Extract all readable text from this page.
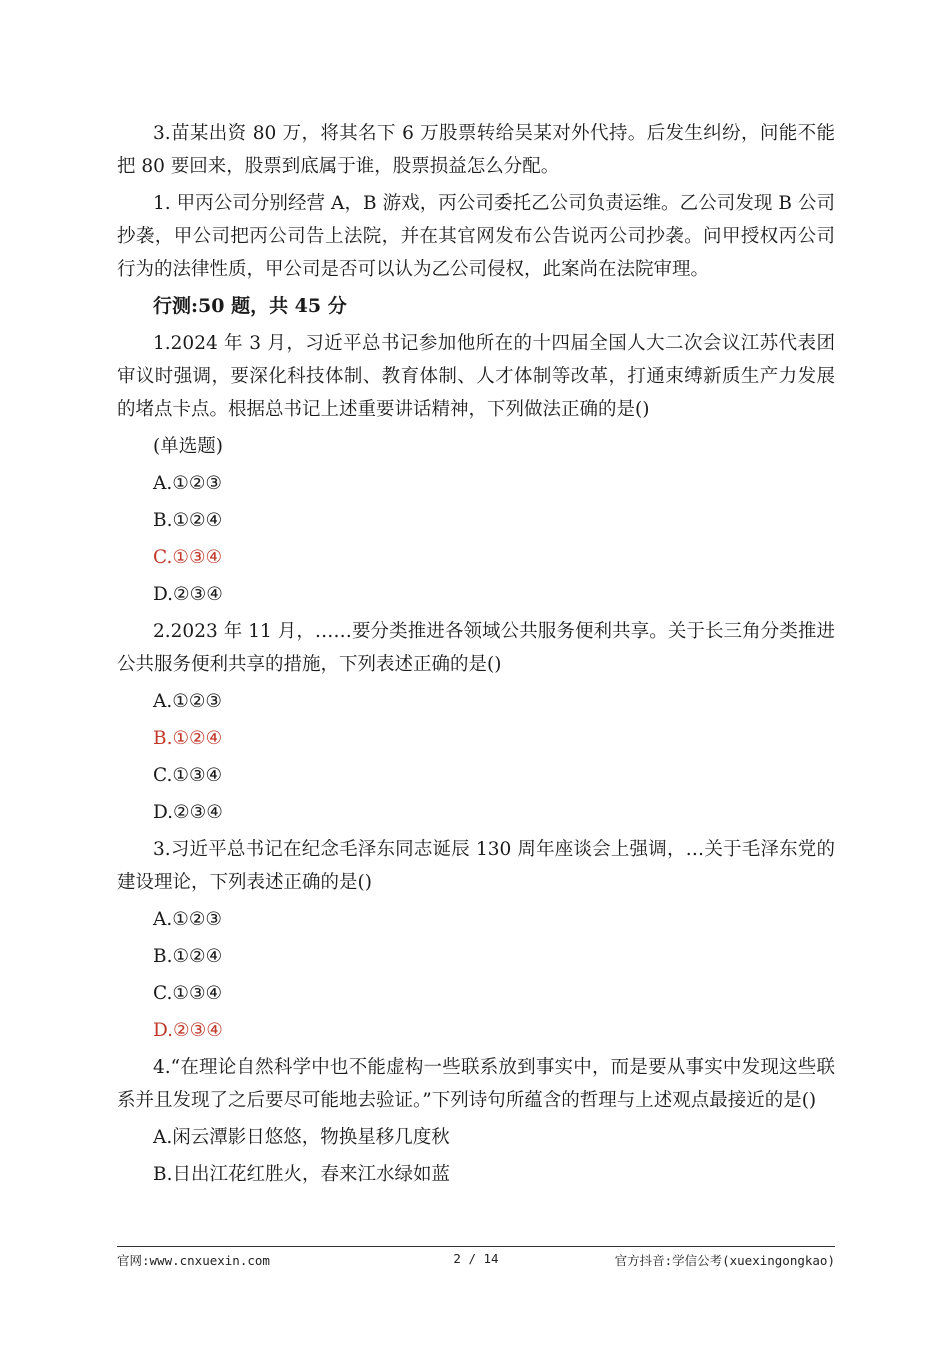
3.苗某出资 80 万，将其名下 6 万股票转给吴某对外代持。后发生纠纷，问能不能把 80 要回来，股票到底属于谁，股票损益怎么分配。

1. 甲丙公司分别经营 A，B 游戏，丙公司委托乙公司负责运维。乙公司发现 B 公司抄袭，甲公司把丙公司告上法院，并在其官网发布公告说丙公司抄袭。问甲授权丙公司行为的法律性质，甲公司是否可以认为乙公司侵权，此案尚在法院审理。

行测:50 题，共 45 分

1.2024 年 3 月，习近平总书记参加他所在的十四届全国人大二次会议江苏代表团审议时强调，要深化科技体制、教育体制、人才体制等改革，打通束缚新质生产力发展的堵点卡点。根据总书记上述重要讲话精神，下列做法正确的是()

(单选题)

A.①②③

B.①②④

C.①③④

D.②③④

2.2023 年 11 月，……要分类推进各领域公共服务便利共享。关于长三角分类推进公共服务便利共享的措施，下列表述正确的是()

A.①②③

B.①②④

C.①③④

D.②③④

3.习近平总书记在纪念毛泽东同志诞辰 130 周年座谈会上强调，…关于毛泽东党的建设理论，下列表述正确的是()

A.①②③

B.①②④

C.①③④

D.②③④

4.“在理论自然科学中也不能虚构一些联系放到事实中，而是要从事实中发现这些联系并且发现了之后要尽可能地去验证。”下列诗句所蕴含的哲理与上述观点最接近的是()

A.闲云潭影日悠悠，物换星移几度秋

B.日出江花红胜火，春来江水绿如蓝

官网:www.cnxuexin.com	2 / 14	官方抖音:学信公考(xuexingongkao)
